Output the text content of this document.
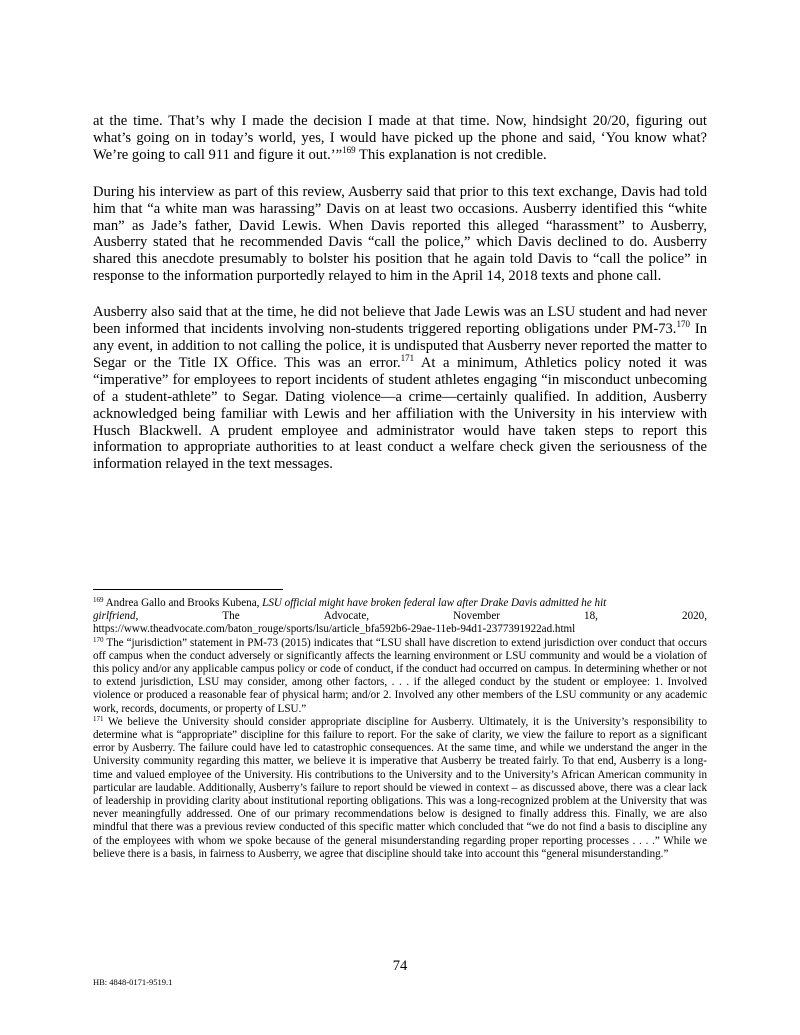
at the time. That’s why I made the decision I made at that time. Now, hindsight 20/20, figuring out what’s going on in today’s world, yes, I would have picked up the phone and said, ‘You know what? We’re going to call 911 and figure it out.’”$^{169}$ This explanation is not credible.

During his interview as part of this review, Ausberry said that prior to this text exchange, Davis had told him that “a white man was harassing” Davis on at least two occasions. Ausberry identified this “white man” as Jade’s father, David Lewis. When Davis reported this alleged “harassment” to Ausberry, Ausberry stated that he recommended Davis “call the police,” which Davis declined to do. Ausberry shared this anecdote presumably to bolster his position that he again told Davis to “call the police” in response to the information purportedly relayed to him in the April 14, 2018 texts and phone call.

Ausberry also said that at the time, he did not believe that Jade Lewis was an LSU student and had never been informed that incidents involving non-students triggered reporting obligations under PM-73.$^{170}$ In any event, in addition to not calling the police, it is undisputed that Ausberry never reported the matter to Segar or the Title IX Office. This was an error.$^{171}$ At a minimum, Athletics policy noted it was “imperative” for employees to report incidents of student athletes engaging “in misconduct unbecoming of a student-athlete” to Segar. Dating violence—a crime—certainly qualified. In addition, Ausberry acknowledged being familiar with Lewis and her affiliation with the University in his interview with Husch Blackwell. A prudent employee and administrator would have taken steps to report this information to appropriate authorities to at least conduct a welfare check given the seriousness of the information relayed in the text messages.

$^{169}$ Andrea Gallo and Brooks Kubena, LSU official might have broken federal law after Drake Davis admitted he hit
girlfriend,	The	Advocate,	November	18,	2020,
https://www.theadvocate.com/baton_rouge/sports/lsu/article_bfa592b6-29ae-11eb-94d1-2377391922ad.html

$^{170}$ The “jurisdiction” statement in PM-73 (2015) indicates that “LSU shall have discretion to extend jurisdiction over conduct that occurs off campus when the conduct adversely or significantly affects the learning environment or LSU community and would be a violation of this policy and/or any applicable campus policy or code of conduct, if the conduct had occurred on campus. In determining whether or not to extend jurisdiction, LSU may consider, among other factors, . . . if the alleged conduct by the student or employee: 1. Involved violence or produced a reasonable fear of physical harm; and/or 2. Involved any other members of the LSU community or any academic work, records, documents, or property of LSU.”

$^{171}$ We believe the University should consider appropriate discipline for Ausberry. Ultimately, it is the University’s responsibility to determine what is “appropriate” discipline for this failure to report. For the sake of clarity, we view the failure to report as a significant error by Ausberry. The failure could have led to catastrophic consequences. At the same time, and while we understand the anger in the University community regarding this matter, we believe it is imperative that Ausberry be treated fairly. To that end, Ausberry is a long-time and valued employee of the University. His contributions to the University and to the University’s African American community in particular are laudable. Additionally, Ausberry’s failure to report should be viewed in context – as discussed above, there was a clear lack of leadership in providing clarity about institutional reporting obligations. This was a long-recognized problem at the University that was never meaningfully addressed. One of our primary recommendations below is designed to finally address this. Finally, we are also mindful that there was a previous review conducted of this specific matter which concluded that “we do not find a basis to discipline any of the employees with whom we spoke because of the general misunderstanding regarding proper reporting processes . . . .” While we believe there is a basis, in fairness to Ausberry, we agree that discipline should take into account this “general misunderstanding.”

74
HB: 4848-0171-9519.1
